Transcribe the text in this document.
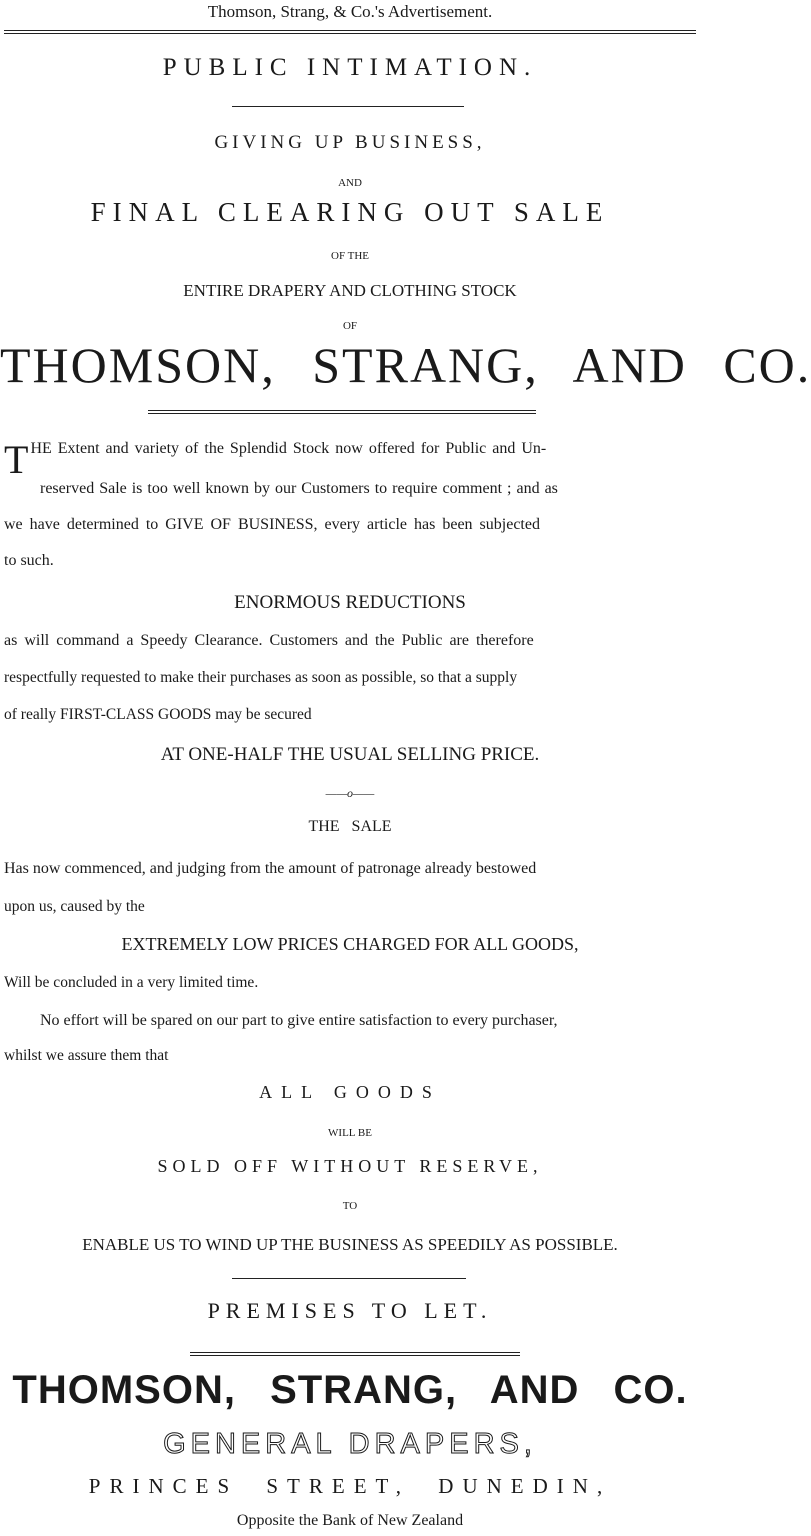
Thomson, Strang, & Co.'s Advertisement.
PUBLIC INTIMATION.
GIVING UP BUSINESS,
AND
FINAL CLEARING OUT SALE
OF THE
ENTIRE DRAPERY AND CLOTHING STOCK
OF
THOMSON, STRANG, AND CO.
THE Extent and variety of the Splendid Stock now offered for Public and Un-
reserved Sale is too well known by our Customers to require comment ; and as
we have determined to GIVE OF BUSINESS, every article has been subjected
to such.
ENORMOUS REDUCTIONS
as will command a Speedy Clearance. Customers and the Public are therefore
respectfully requested to make their purchases as soon as possible, so that a supply
of really FIRST-CLASS GOODS may be secured
AT ONE-HALF THE USUAL SELLING PRICE.
——o——
THE SALE
Has now commenced, and judging from the amount of patronage already bestowed
upon us, caused by the
EXTREMELY LOW PRICES CHARGED FOR ALL GOODS,
Will be concluded in a very limited time.
No effort will be spared on our part to give entire satisfaction to every purchaser,
whilst we assure them that
ALL GOODS
WILL BE
SOLD OFF WITHOUT RESERVE,
TO
ENABLE US TO WIND UP THE BUSINESS AS SPEEDILY AS POSSIBLE.
PREMISES TO LET.
THOMSON, STRANG, AND CO.
GENERAL DRAPERS,
PRINCES STREET, DUNEDIN,
Opposite the Bank of New Zealand
